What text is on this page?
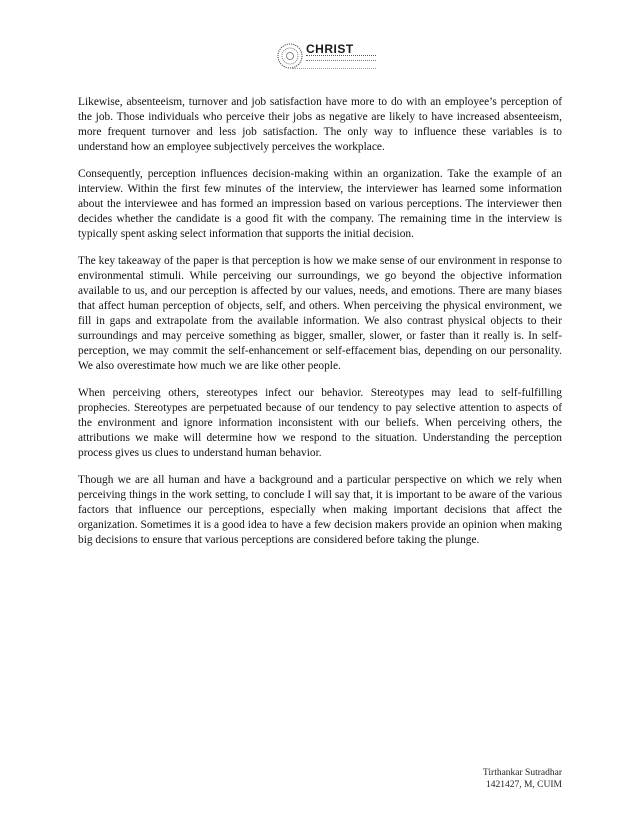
CHRIST

Likewise, absenteeism, turnover and job satisfaction have more to do with an employee’s perception of the job. Those individuals who perceive their jobs as negative are likely to have increased absenteeism, more frequent turnover and less job satisfaction. The only way to influence these variables is to understand how an employee subjectively perceives the workplace.

Consequently, perception influences decision-making within an organization. Take the example of an interview. Within the first few minutes of the interview, the interviewer has learned some information about the interviewee and has formed an impression based on various perceptions. The interviewer then decides whether the candidate is a good fit with the company. The remaining time in the interview is typically spent asking select information that supports the initial decision.

The key takeaway of the paper is that perception is how we make sense of our environment in response to environmental stimuli. While perceiving our surroundings, we go beyond the objective information available to us, and our perception is affected by our values, needs, and emotions. There are many biases that affect human perception of objects, self, and others. When perceiving the physical environment, we fill in gaps and extrapolate from the available information. We also contrast physical objects to their surroundings and may perceive something as bigger, smaller, slower, or faster than it really is. In self-perception, we may commit the self-enhancement or self-effacement bias, depending on our personality. We also overestimate how much we are like other people.

When perceiving others, stereotypes infect our behavior. Stereotypes may lead to self-fulfilling prophecies. Stereotypes are perpetuated because of our tendency to pay selective attention to aspects of the environment and ignore information inconsistent with our beliefs. When perceiving others, the attributions we make will determine how we respond to the situation. Understanding the perception process gives us clues to understand human behavior.

Though we are all human and have a background and a particular perspective on which we rely when perceiving things in the work setting, to conclude I will say that, it is important to be aware of the various factors that influence our perceptions, especially when making important decisions that affect the organization. Sometimes it is a good idea to have a few decision makers provide an opinion when making big decisions to ensure that various perceptions are considered before taking the plunge.

Tirthankar Sutradhar
1421427, M, CUIM
